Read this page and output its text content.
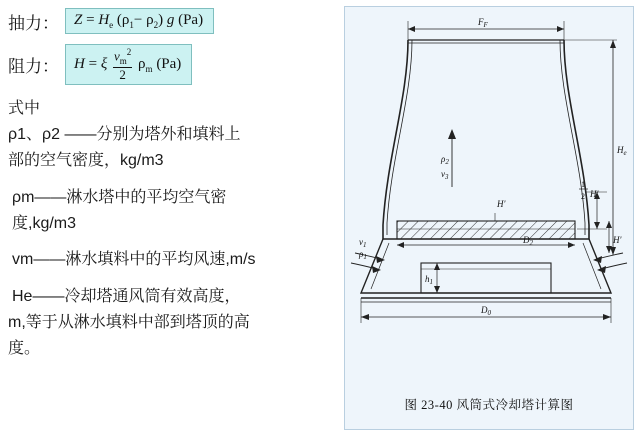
抽力：	$Z = H_e$ $(\rho_1- \rho_2)$ g (Pa)
阻力：	H = ξ $\frac{v_m^2}{2} \rho_m$ (Pa)

式中

ρ1、ρ2 ——分别为塔外和填料上

部的空气密度，kg/m3

ρm——淋水塔中的平均空气密

度,kg/m3

vm——淋水填料中的平均风速,m/s

He——冷却塔通风筒有效高度，

m,等于从淋水填料中部到塔顶的高

度。

$F_F$
$H_e$
$\rho_2$
$v_3$
H'
1
2 H'
H'
$D_2$
$h_1$
$v_1$
$\rho_1$
$D_0$
图 23-40 风筒式冷却塔计算图
